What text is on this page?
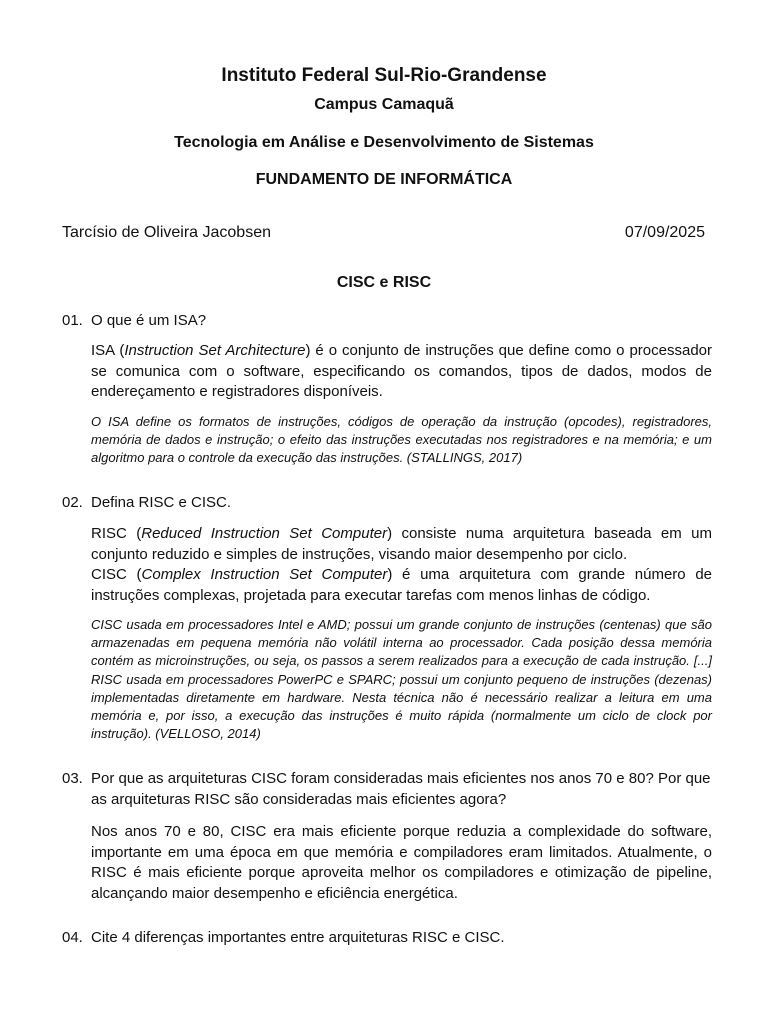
Instituto Federal Sul-Rio-Grandense
Campus Camaquã
Tecnologia em Análise e Desenvolvimento de Sistemas
FUNDAMENTO DE INFORMÁTICA
Tarcísio de Oliveira Jacobsen	07/09/2025
CISC e RISC
01. O que é um ISA?

ISA (Instruction Set Architecture) é o conjunto de instruções que define como o processador se comunica com o software, especificando os comandos, tipos de dados, modos de endereçamento e registradores disponíveis.

O ISA define os formatos de instruções, códigos de operação da instrução (opcodes), registradores, memória de dados e instrução; o efeito das instruções executadas nos registradores e na memória; e um algoritmo para o controle da execução das instruções. (STALLINGS, 2017)
02. Defina RISC e CISC.

RISC (Reduced Instruction Set Computer) consiste numa arquitetura baseada em um conjunto reduzido e simples de instruções, visando maior desempenho por ciclo.

CISC (Complex Instruction Set Computer) é uma arquitetura com grande número de instruções complexas, projetada para executar tarefas com menos linhas de código.

CISC usada em processadores Intel e AMD; possui um grande conjunto de instruções (centenas) que são armazenadas em pequena memória não volátil interna ao processador. Cada posição dessa memória contém as microinstruções, ou seja, os passos a serem realizados para a execução de cada instrução. [...] RISC usada em processadores PowerPC e SPARC; possui um conjunto pequeno de instruções (dezenas) implementadas diretamente em hardware. Nesta técnica não é necessário realizar a leitura em uma memória e, por isso, a execução das instruções é muito rápida (normalmente um ciclo de clock por instrução). (VELLOSO, 2014)
03. Por que as arquiteturas CISC foram consideradas mais eficientes nos anos 70 e 80? Por que as arquiteturas RISC são consideradas mais eficientes agora?
Nos anos 70 e 80, CISC era mais eficiente porque reduzia a complexidade do software, importante em uma época em que memória e compiladores eram limitados. Atualmente, o RISC é mais eficiente porque aproveita melhor os compiladores e otimização de pipeline, alcançando maior desempenho e eficiência energética.
04. Cite 4 diferenças importantes entre arquiteturas RISC e CISC.
